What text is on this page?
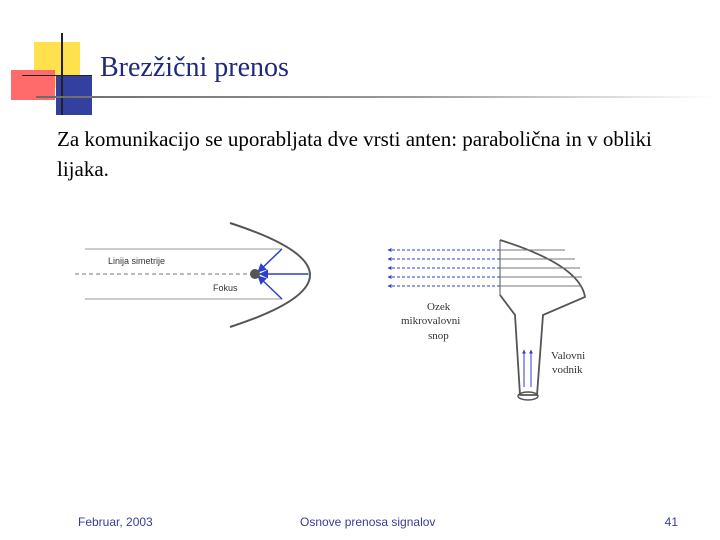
Brezžični prenos
Za komunikacijo se uporabljata dve vrsti anten: parabolična in v obliki lijaka.
Linija simetrije
Fokus
Ozek
mikrovalovni
snop
Valovni
vodnik
Februar, 2003	Osnove prenosa signalov	41
